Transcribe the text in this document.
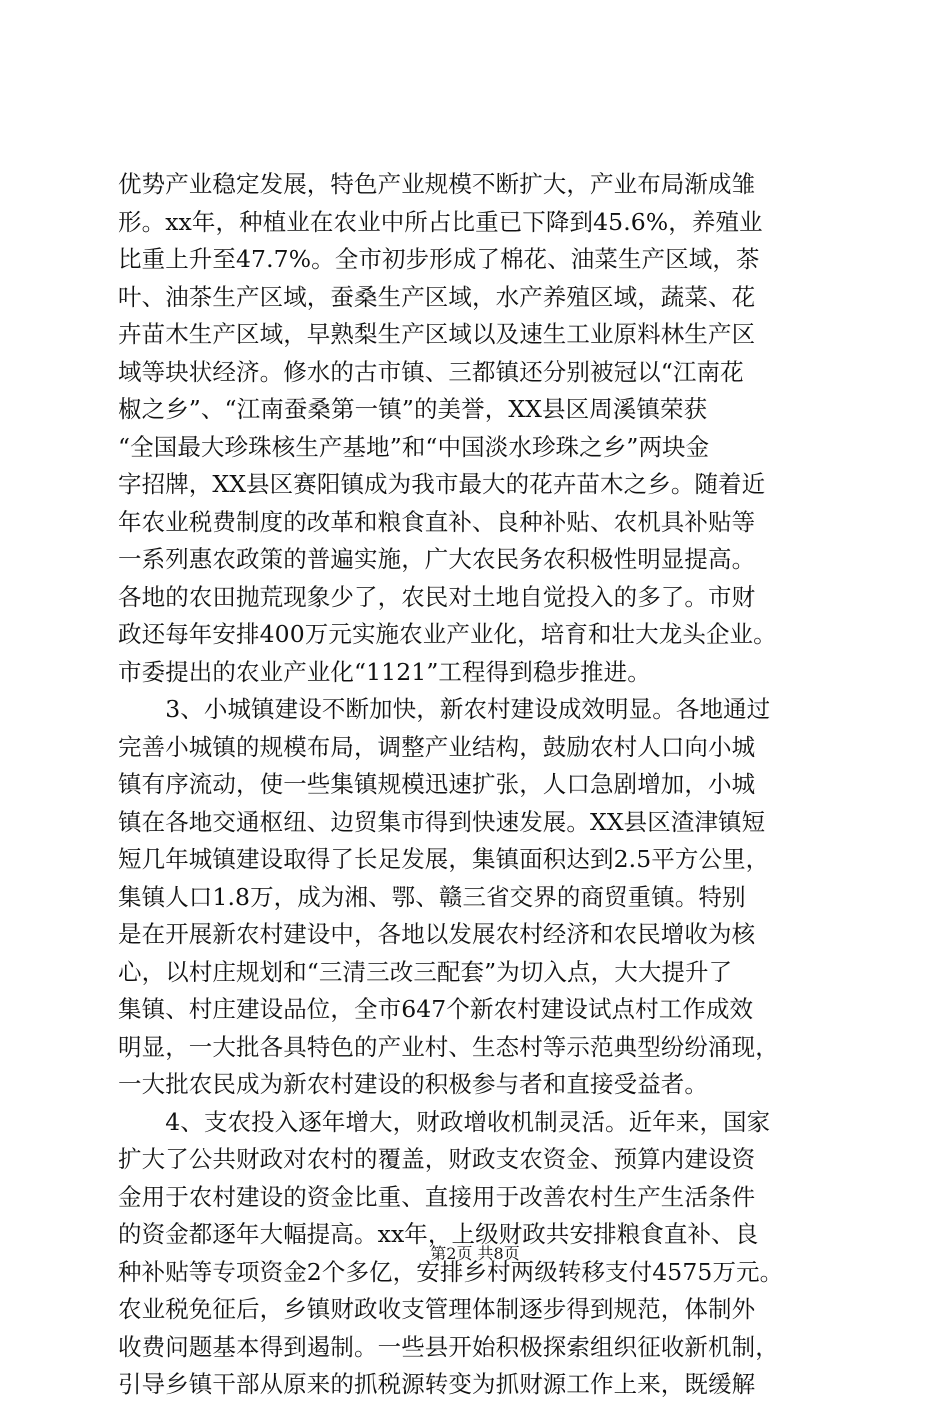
优势产业稳定发展，特色产业规模不断扩大，产业布局渐成雏
形。xx年，种植业在农业中所占比重已下降到45.6%，养殖业
比重上升至47.7%。全市初步形成了棉花、油菜生产区域，茶
叶、油茶生产区域，蚕桑生产区域，水产养殖区域，蔬菜、花
卉苗木生产区域，早熟梨生产区域以及速生工业原料林生产区
域等块状经济。修水的古市镇、三都镇还分别被冠以“江南花
椒之乡”、“江南蚕桑第一镇”的美誉，XX县区周溪镇荣获
“全国最大珍珠核生产基地”和“中国淡水珍珠之乡”两块金
字招牌，XX县区赛阳镇成为我市最大的花卉苗木之乡。随着近
年农业税费制度的改革和粮食直补、良种补贴、农机具补贴等
一系列惠农政策的普遍实施，广大农民务农积极性明显提高。
各地的农田抛荒现象少了，农民对土地自觉投入的多了。市财
政还每年安排400万元实施农业产业化，培育和壮大龙头企业。
市委提出的农业产业化“1121”工程得到稳步推进。
　　3、小城镇建设不断加快，新农村建设成效明显。各地通过
完善小城镇的规模布局，调整产业结构，鼓励农村人口向小城
镇有序流动，使一些集镇规模迅速扩张，人口急剧增加，小城
镇在各地交通枢纽、边贸集市得到快速发展。XX县区渣津镇短
短几年城镇建设取得了长足发展，集镇面积达到2.5平方公里，
集镇人口1.8万，成为湘、鄂、赣三省交界的商贸重镇。特别
是在开展新农村建设中，各地以发展农村经济和农民增收为核
心，以村庄规划和“三清三改三配套”为切入点，大大提升了
集镇、村庄建设品位，全市647个新农村建设试点村工作成效
明显，一大批各具特色的产业村、生态村等示范典型纷纷涌现，
一大批农民成为新农村建设的积极参与者和直接受益者。
　　4、支农投入逐年增大，财政增收机制灵活。近年来，国家
扩大了公共财政对农村的覆盖，财政支农资金、预算内建设资
金用于农村建设的资金比重、直接用于改善农村生产生活条件
的资金都逐年大幅提高。xx年，上级财政共安排粮食直补、良
种补贴等专项资金2个多亿，安排乡村两级转移支付4575万元。
农业税免征后，乡镇财政收支管理体制逐步得到规范，体制外
收费问题基本得到遏制。一些县开始积极探索组织征收新机制，
引导乡镇干部从原来的抓税源转变为抓财源工作上来，既缓解
第2页 共8页
